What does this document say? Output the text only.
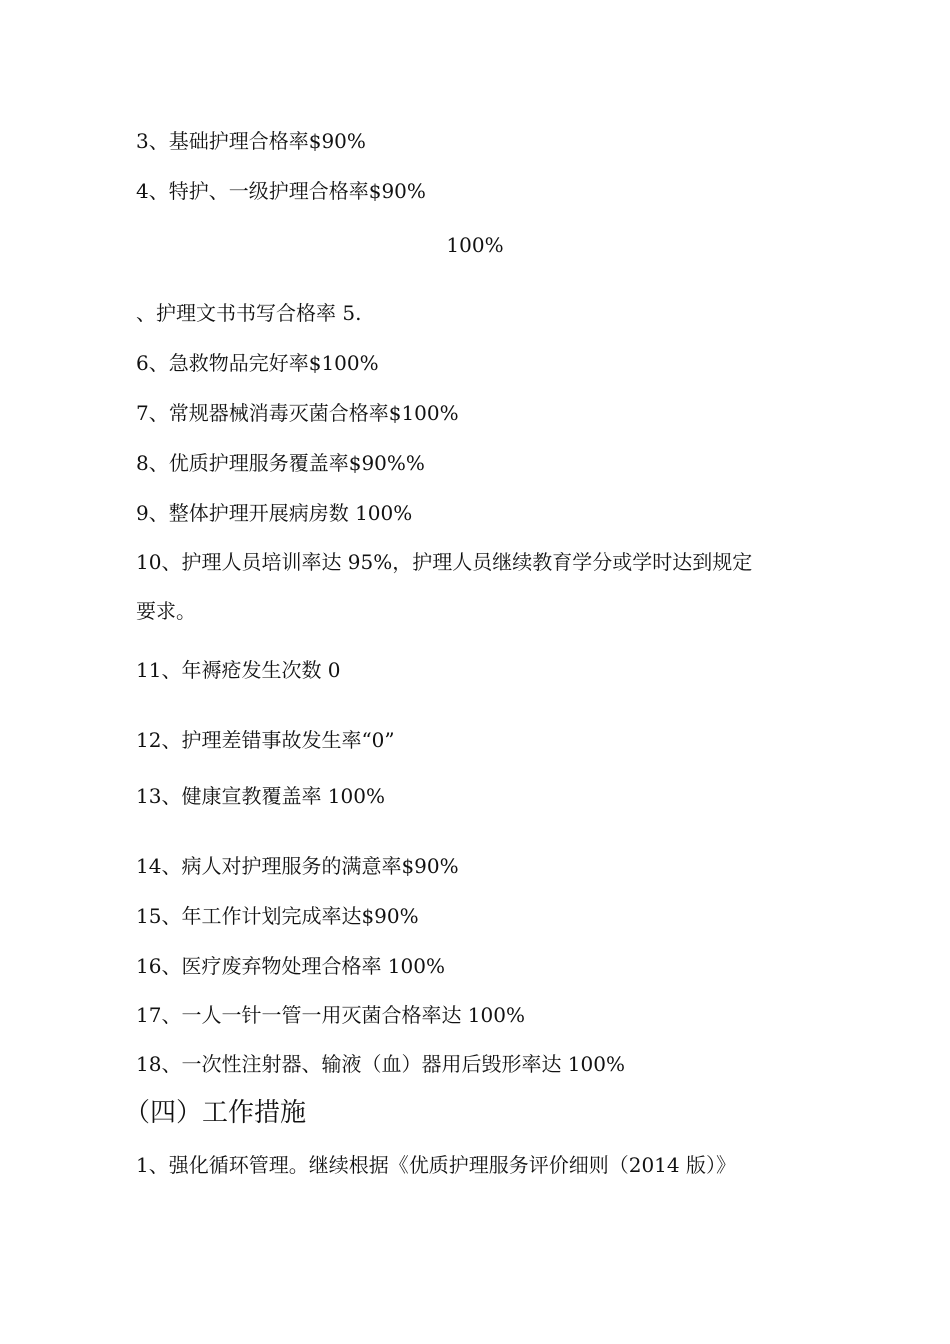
3、基础护理合格率$90%
4、特护、一级护理合格率$90%
100%
、护理文书书写合格率 5.
6、急救物品完好率$100%
7、常规器械消毒灭菌合格率$100%
8、优质护理服务覆盖率$90%%
9、整体护理开展病房数 100%
10、护理人员培训率达 95%，护理人员继续教育学分或学时达到规定
要求。
11、年褥疮发生次数 0
12、护理差错事故发生率“0”
13、健康宣教覆盖率 100%
14、病人对护理服务的满意率$90%
15、年工作计划完成率达$90%
16、医疗废弃物处理合格率 100%
17、一人一针一管一用灭菌合格率达 100%
18、一次性注射器、输液（血）器用后毁形率达 100%
（四）工作措施
1、强化循环管理。继续根据《优质护理服务评价细则（2014 版）》
